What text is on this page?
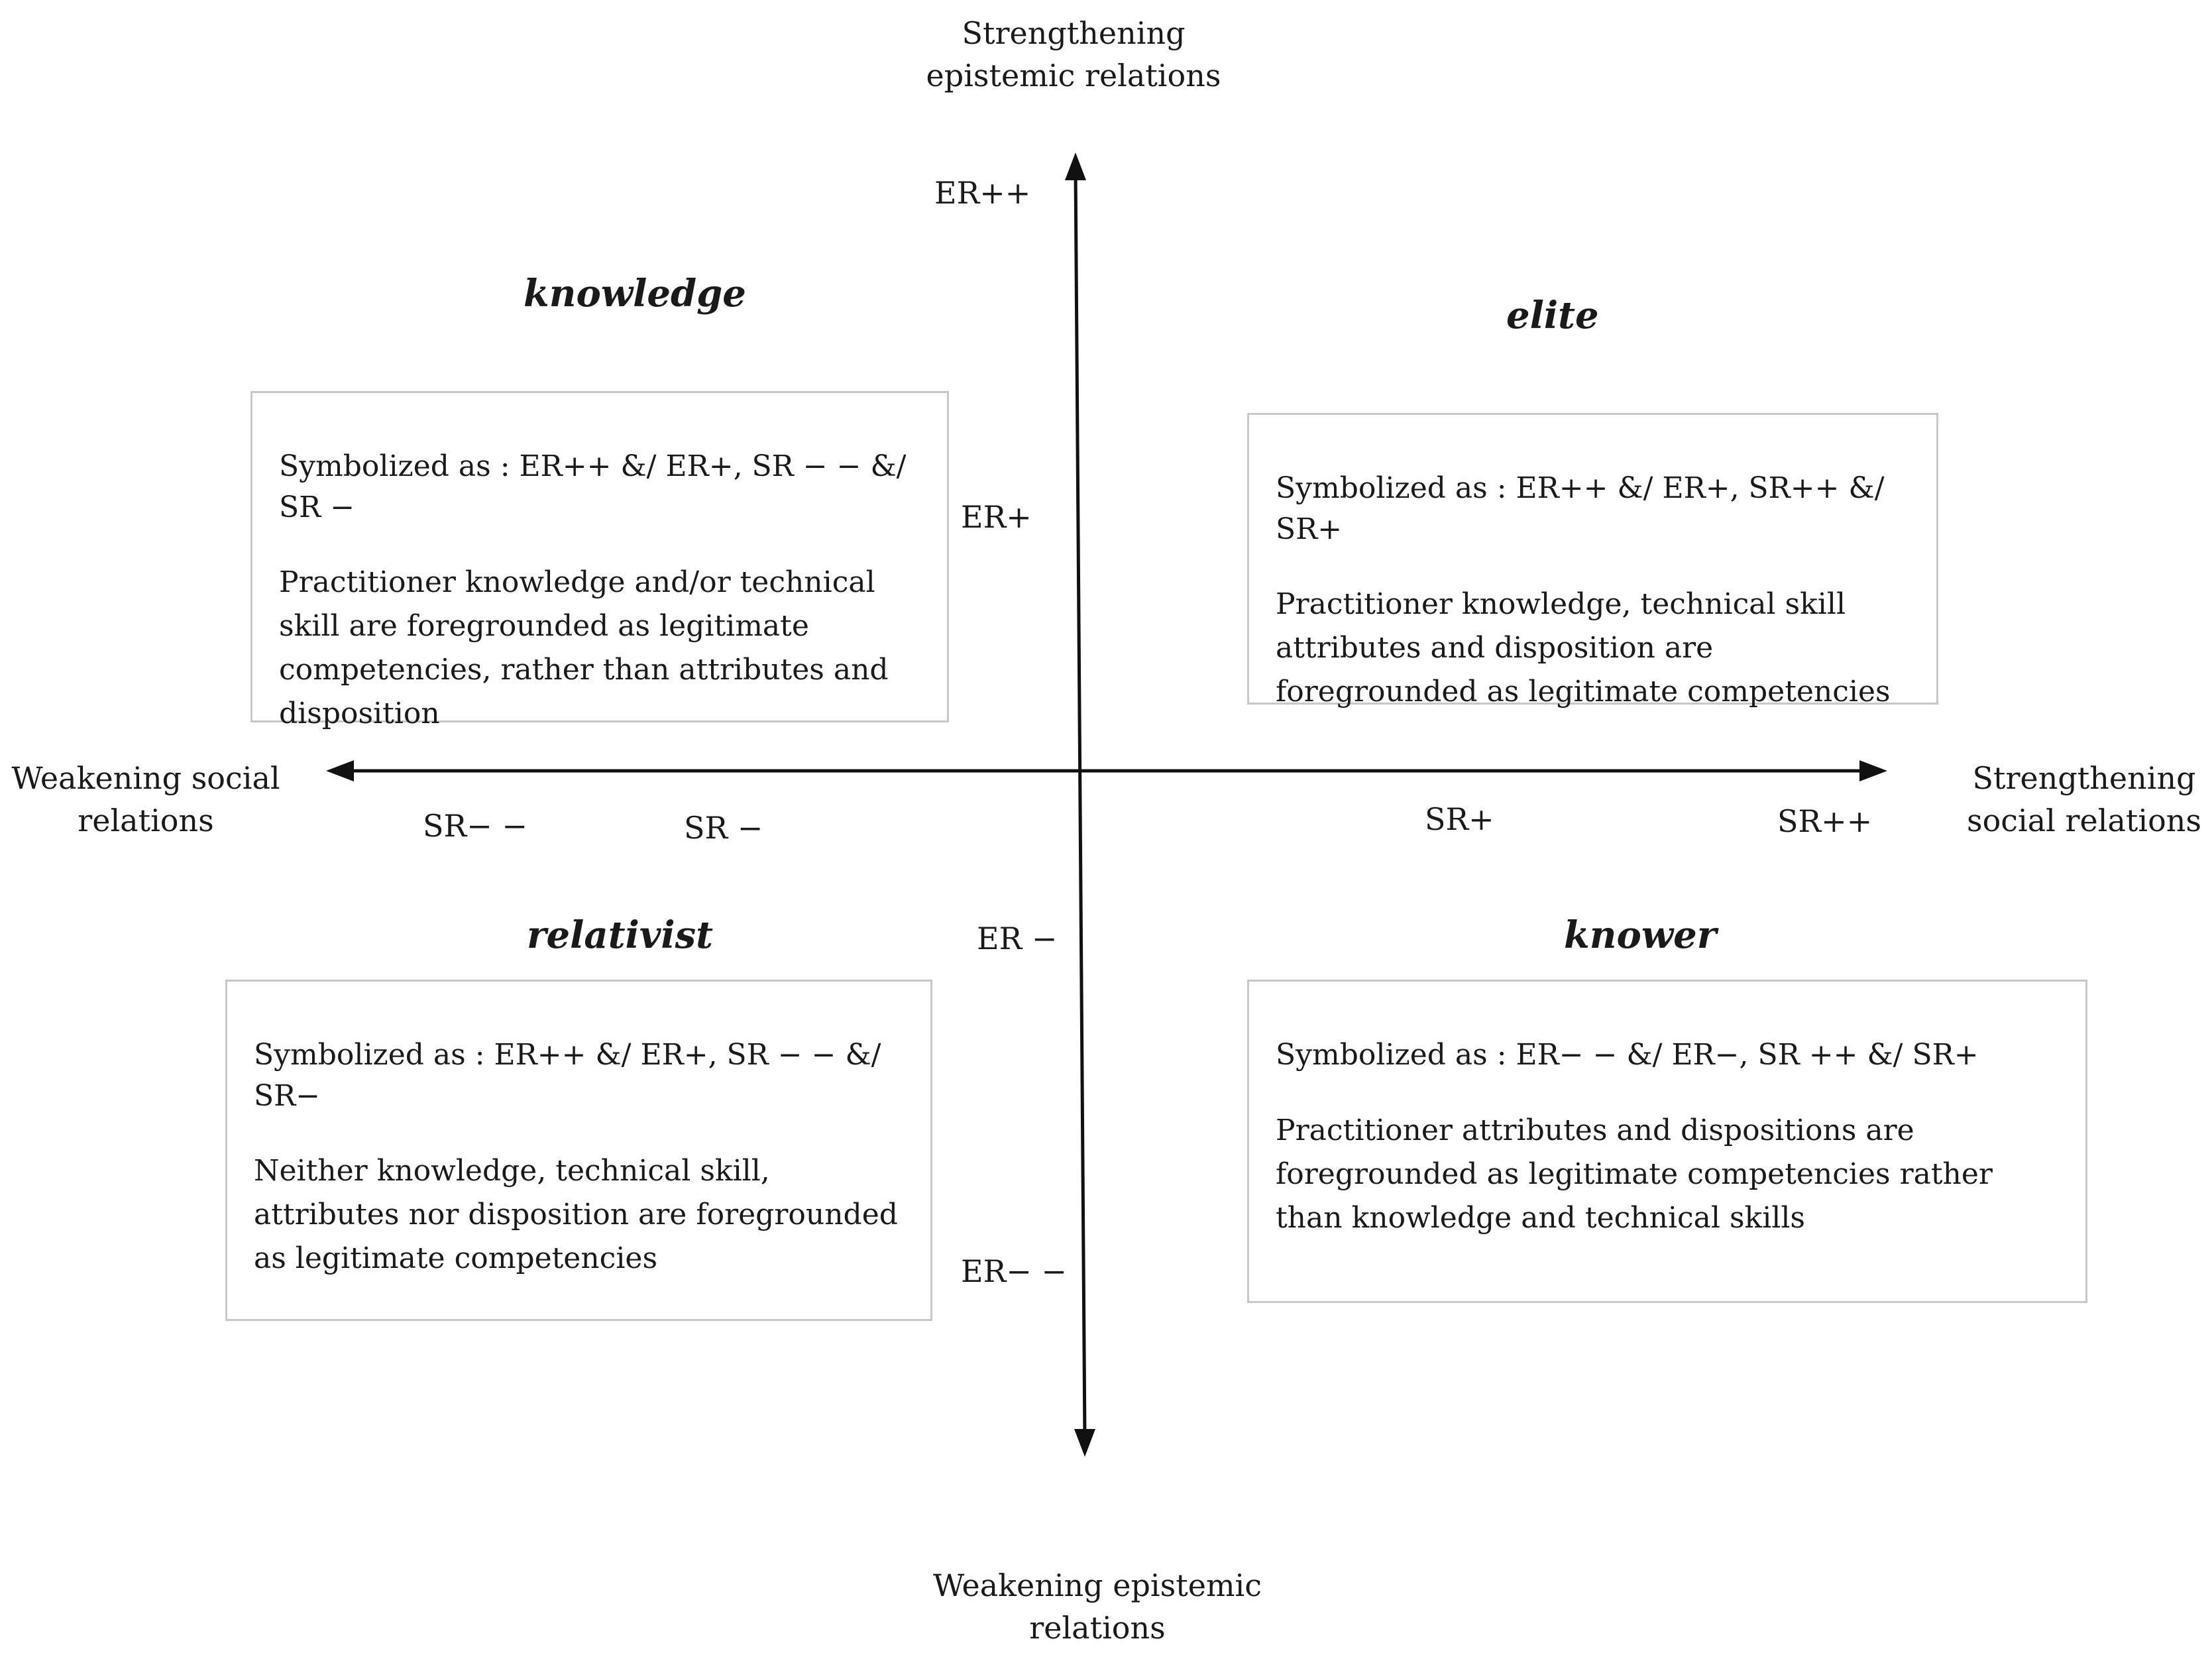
Strengthening
epistemic relations
Weakening epistemic
relations
Weakening social
relations
Strengthening
social relations
ER++
ER+
ER −
ER− −
SR− −	SR −	SR+	SR++
knowledge	elite
relativist	knower

Symbolized as : ER++ &/ ER+, SR − − &/ SR −

Practitioner knowledge and/or technical skill are foregrounded as legitimate competencies, rather than attributes and disposition

Symbolized as : ER++ &/ ER+, SR++ &/ SR+

Practitioner knowledge, technical skill attributes and disposition are foregrounded as legitimate competencies

Symbolized as : ER++ &/ ER+, SR − − &/ SR−

Neither knowledge, technical skill, attributes nor disposition are foregrounded as legitimate competencies

Symbolized as : ER− − &/ ER−, SR ++ &/ SR+

Practitioner attributes and dispositions are foregrounded as legitimate competencies rather than knowledge and technical skills
